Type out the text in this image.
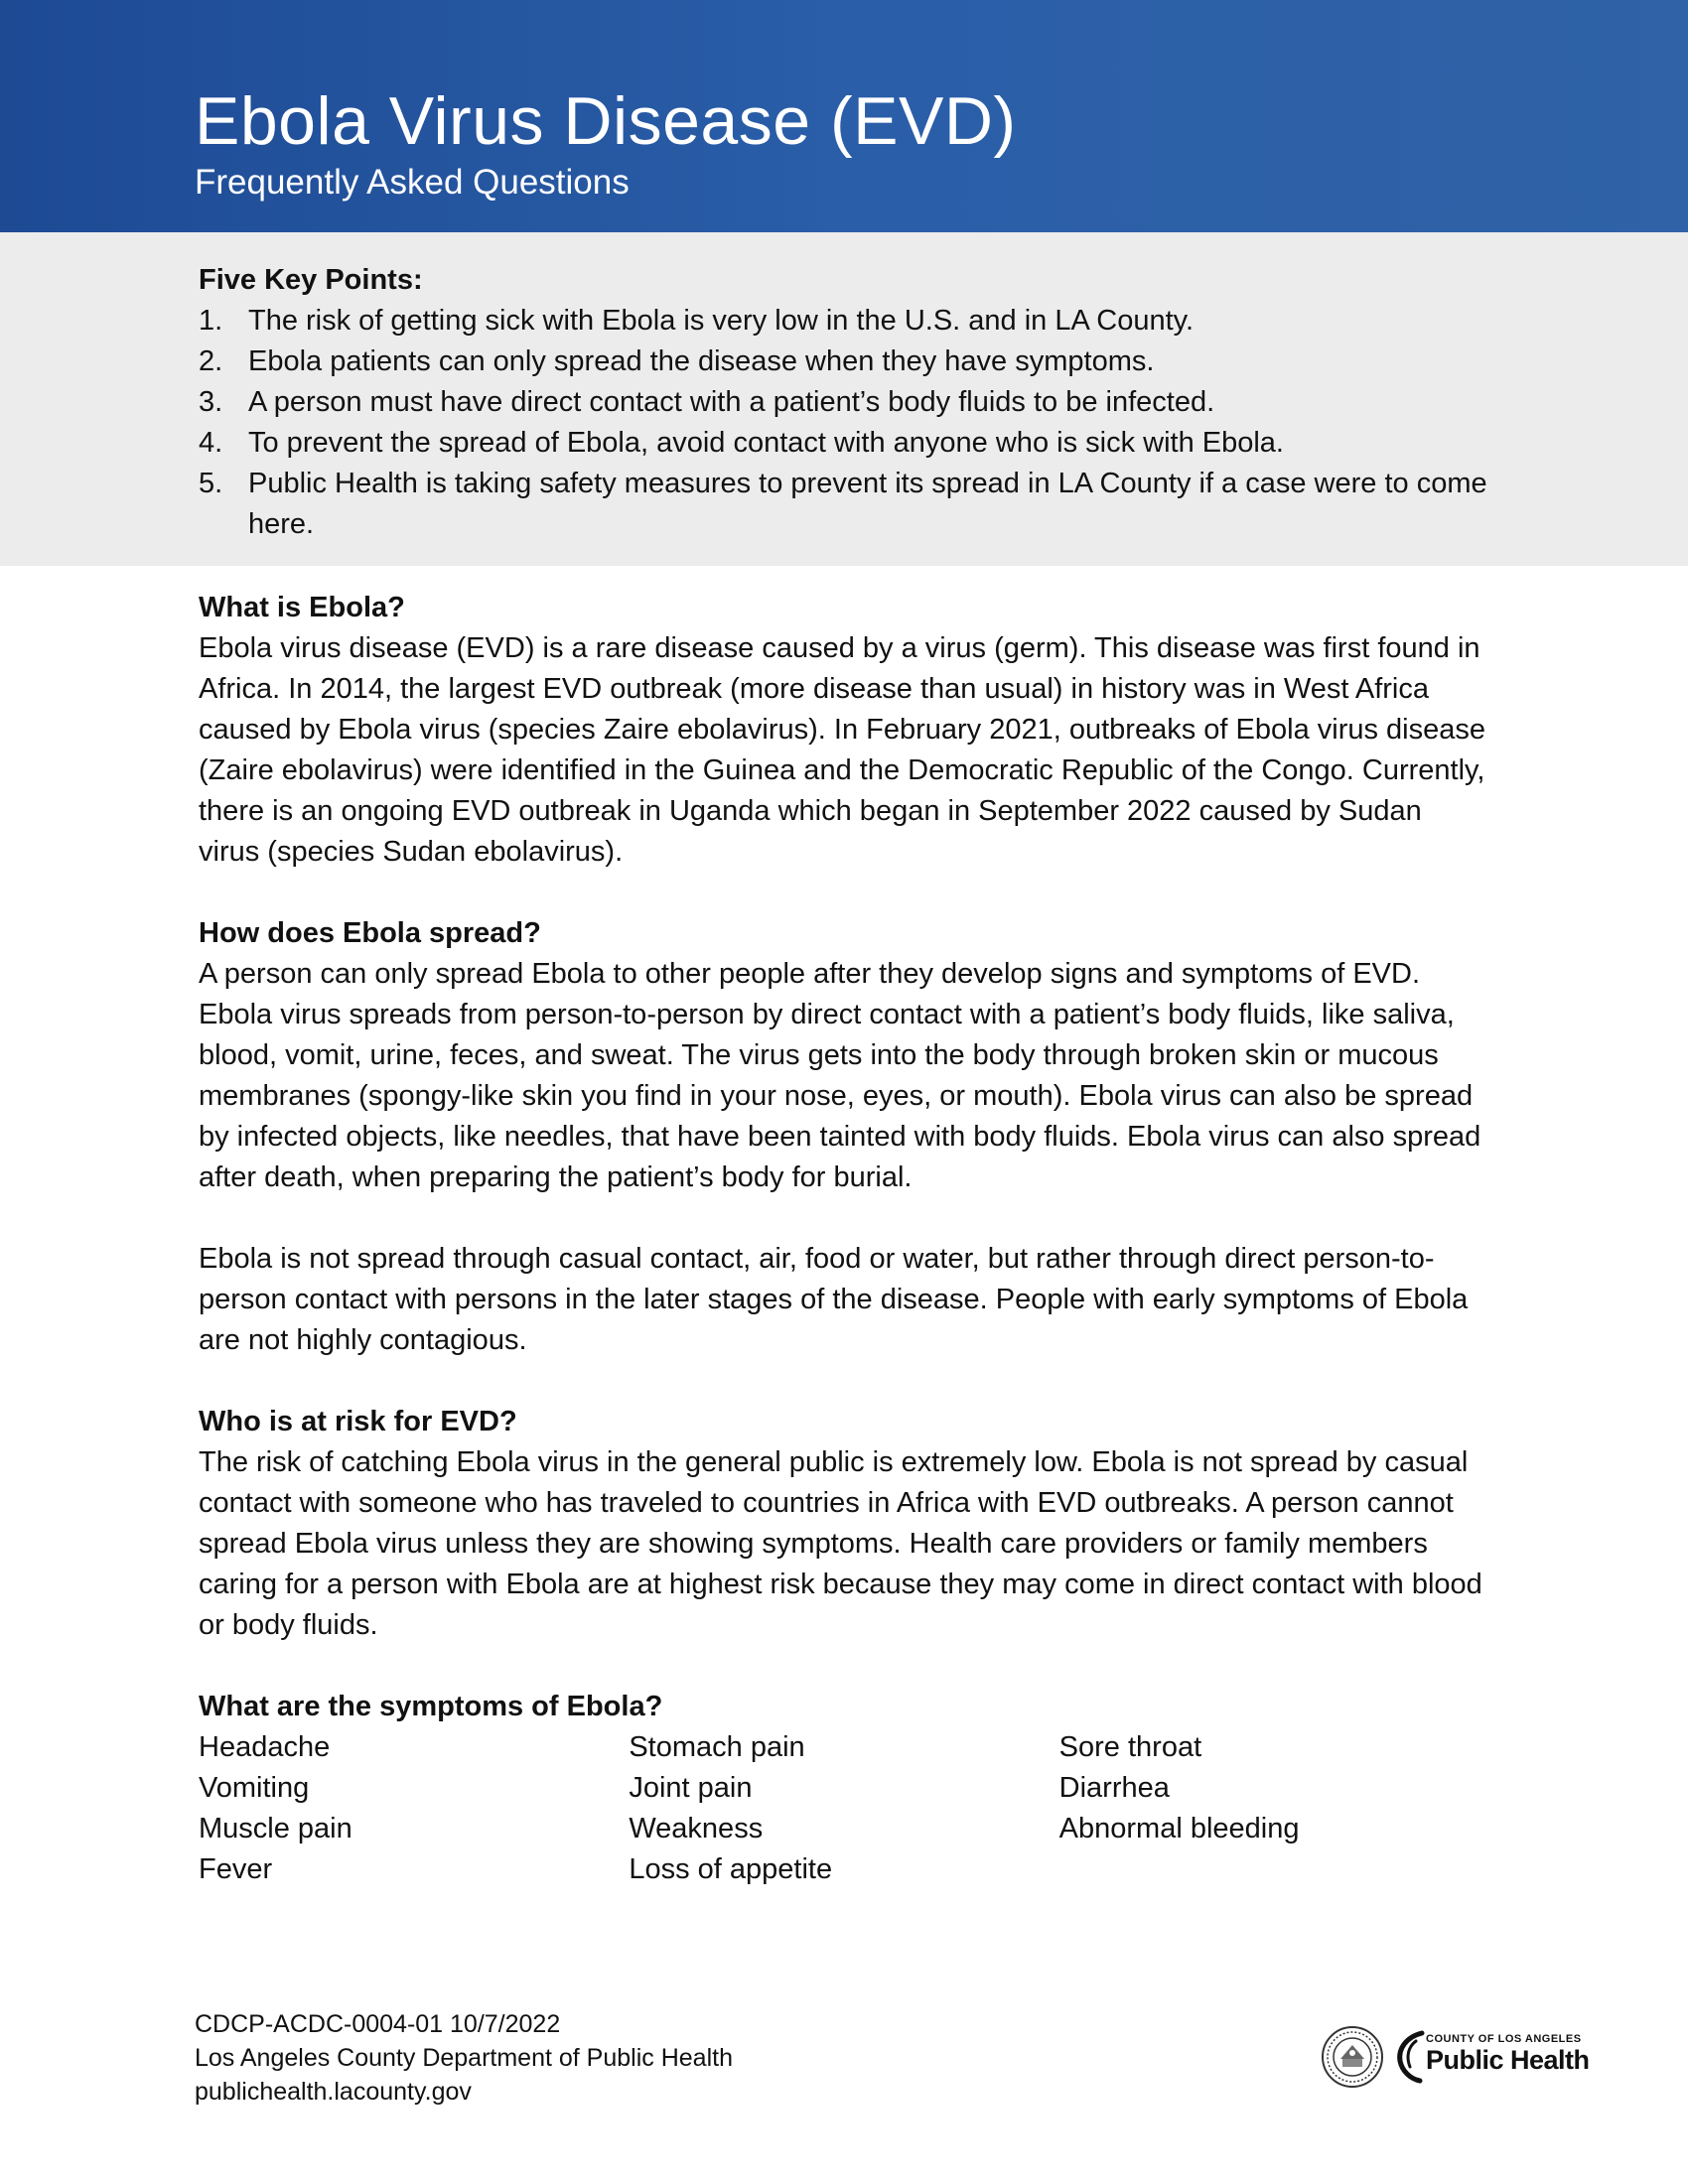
Ebola Virus Disease (EVD)
Frequently Asked Questions

Five Key Points:

1. The risk of getting sick with Ebola is very low in the U.S. and in LA County.
2. Ebola patients can only spread the disease when they have symptoms.
3. A person must have direct contact with a patient’s body fluids to be infected.
4. To prevent the spread of Ebola, avoid contact with anyone who is sick with Ebola.
5. Public Health is taking safety measures to prevent its spread in LA County if a case were to come here.

What is Ebola?

Ebola virus disease (EVD) is a rare disease caused by a virus (germ). This disease was first found in Africa. In 2014, the largest EVD outbreak (more disease than usual) in history was in West Africa caused by Ebola virus (species Zaire ebolavirus). In February 2021, outbreaks of Ebola virus disease (Zaire ebolavirus) were identified in the Guinea and the Democratic Republic of the Congo. Currently, there is an ongoing EVD outbreak in Uganda which began in September 2022 caused by Sudan virus (species Sudan ebolavirus).

How does Ebola spread?

A person can only spread Ebola to other people after they develop signs and symptoms of EVD. Ebola virus spreads from person-to-person by direct contact with a patient’s body fluids, like saliva, blood, vomit, urine, feces, and sweat. The virus gets into the body through broken skin or mucous membranes (spongy-like skin you find in your nose, eyes, or mouth). Ebola virus can also be spread by infected objects, like needles, that have been tainted with body fluids. Ebola virus can also spread after death, when preparing the patient’s body for burial.

Ebola is not spread through casual contact, air, food or water, but rather through direct person-to-person contact with persons in the later stages of the disease. People with early symptoms of Ebola are not highly contagious.

Who is at risk for EVD?

The risk of catching Ebola virus in the general public is extremely low. Ebola is not spread by casual contact with someone who has traveled to countries in Africa with EVD outbreaks. A person cannot spread Ebola virus unless they are showing symptoms. Health care providers or family members caring for a person with Ebola are at highest risk because they may come in direct contact with blood or body fluids.

What are the symptoms of Ebola?

Headache
Vomiting
Muscle pain
Fever
Stomach pain
Joint pain
Weakness
Loss of appetite
Sore throat
Diarrhea
Abnormal bleeding
CDCP-ACDC-0004-01 10/7/2022
Los Angeles County Department of Public Health
publichealth.lacounty.gov
COUNTY OF LOS ANGELES
Public Health
